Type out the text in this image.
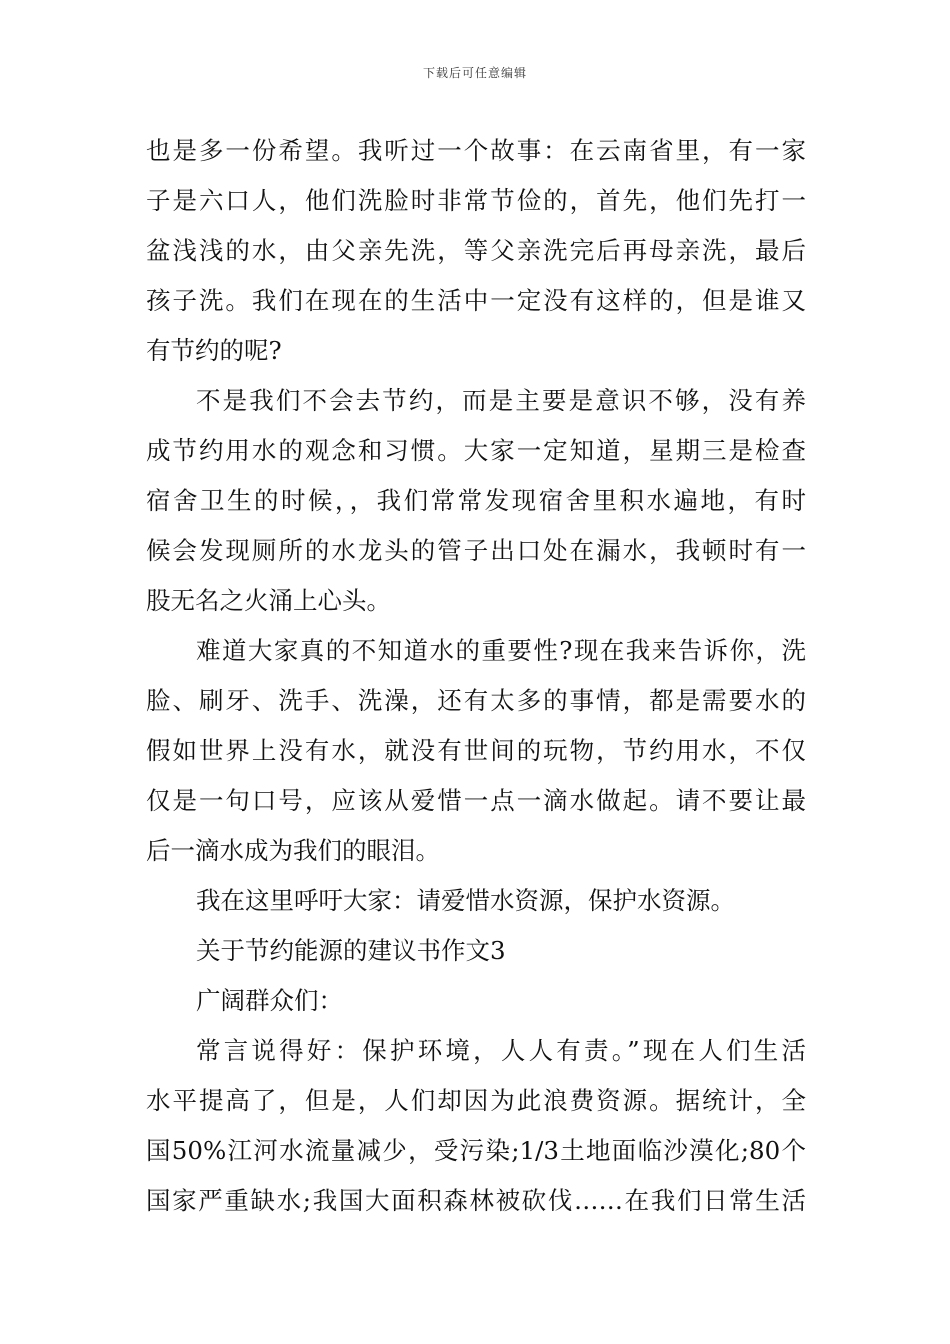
下载后可任意编辑
也是多一份希望。我听过一个故事：在云南省里，有一家
子是六口人，他们洗脸时非常节俭的，首先，他们先打一
盆浅浅的水，由父亲先洗，等父亲洗完后再母亲洗，最后
孩子洗。我们在现在的生活中一定没有这样的，但是谁又
有节约的呢?
不是我们不会去节约，而是主要是意识不够，没有养
成节约用水的观念和习惯。大家一定知道，星期三是检查
宿舍卫生的时候，，我们常常发现宿舍里积水遍地，有时
候会发现厕所的水龙头的管子出口处在漏水，我顿时有一
股无名之火涌上心头。
难道大家真的不知道水的重要性?现在我来告诉你，洗
脸、刷牙、洗手、洗澡，还有太多的事情，都是需要水的
假如世界上没有水，就没有世间的玩物，节约用水，不仅
仅是一句口号，应该从爱惜一点一滴水做起。请不要让最
后一滴水成为我们的眼泪。
我在这里呼吁大家：请爱惜水资源，保护水资源。
关于节约能源的建议书作文3
广阔群众们：
常言说得好：保护环境，人人有责。”现在人们生活
水平提高了，但是，人们却因为此浪费资源。据统计，全
国50%江河水流量减少，受污染;1/3土地面临沙漠化;80个
国家严重缺水;我国大面积森林被砍伐……在我们日常生活
